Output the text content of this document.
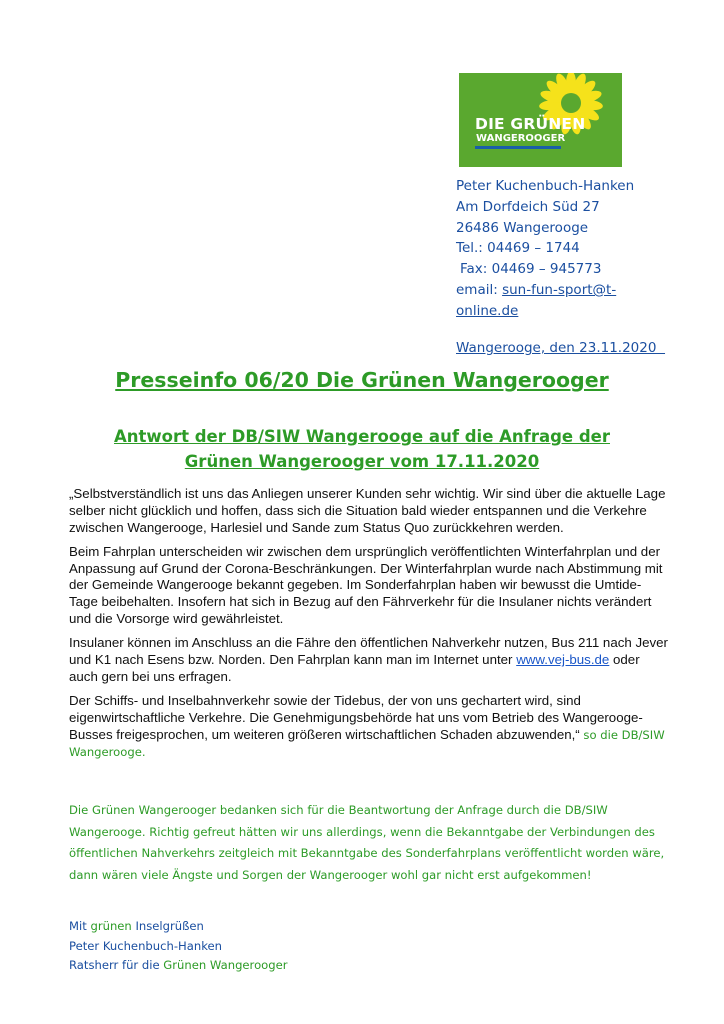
DIE GRÜNEN
WANGEROOGER
Peter Kuchenbuch-Hanken
Am Dorfdeich Süd 27
26486 Wangerooge
Tel.: 04469 – 1744
Fax: 04469 – 945773
email: sun-fun-sport@t-
online.de
Wangerooge, den 23.11.2020
Presseinfo 06/20 Die Grünen Wangerooger
Antwort der DB/SIW Wangerooge auf die Anfrage der
Grünen Wangerooger vom 17.11.2020

„Selbstverständlich ist uns das Anliegen unserer Kunden sehr wichtig. Wir sind über die aktuelle Lage selber nicht glücklich und hoffen, dass sich die Situation bald wieder entspannen und die Verkehre zwischen Wangerooge, Harlesiel und Sande zum Status Quo zurückkehren werden.

Beim Fahrplan unterscheiden wir zwischen dem ursprünglich veröffentlichten Winterfahrplan und der Anpassung auf Grund der Corona-Beschränkungen. Der Winterfahrplan wurde nach Abstimmung mit der Gemeinde Wangerooge bekannt gegeben. Im Sonderfahrplan haben wir bewusst die Umtide-Tage beibehalten. Insofern hat sich in Bezug auf den Fährverkehr für die Insulaner nichts verändert und die Vorsorge wird gewährleistet.

Insulaner können im Anschluss an die Fähre den öffentlichen Nahverkehr nutzen, Bus 211 nach Jever und K1 nach Esens bzw. Norden. Den Fahrplan kann man im Internet unter www.vej-bus.de oder auch gern bei uns erfragen.

Der Schiffs- und Inselbahnverkehr sowie der Tidebus, der von uns gechartert wird, sind eigenwirtschaftliche Verkehre. Die Genehmigungsbehörde hat uns vom Betrieb des Wangerooge-Busses freigesprochen, um weiteren größeren wirtschaftlichen Schaden abzuwenden,“ so die DB/SIW Wangerooge.

Die Grünen Wangerooger bedanken sich für die Beantwortung der Anfrage durch die DB/SIW Wangerooge. Richtig gefreut hätten wir uns allerdings, wenn die Bekanntgabe der Verbindungen des öffentlichen Nahverkehrs zeitgleich mit Bekanntgabe des Sonderfahrplans veröffentlicht worden wäre, dann wären viele Ängste und Sorgen der Wangerooger wohl gar nicht erst aufgekommen!

Mit grünen Inselgrüßen
Peter Kuchenbuch-Hanken
Ratsherr für die Grünen Wangerooger
